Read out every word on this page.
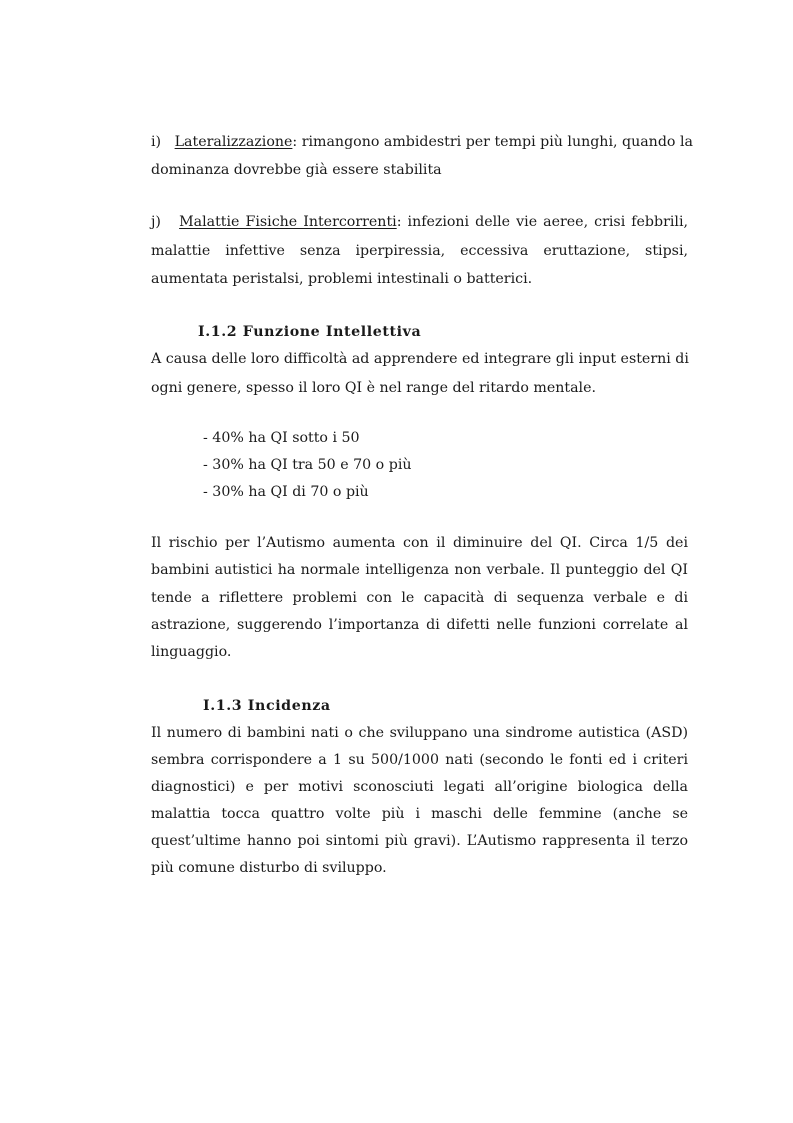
i) Lateralizzazione: rimangono ambidestri per tempi più lunghi, quando la
dominanza dovrebbe già essere stabilita
j) Malattie Fisiche Intercorrenti: infezioni delle vie aeree, crisi febbrili,
malattie infettive senza iperpiressia, eccessiva eruttazione, stipsi,
aumentata peristalsi, problemi intestinali o batterici.
I.1.2 Funzione Intellettiva
A causa delle loro difficoltà ad apprendere ed integrare gli input esterni di
ogni genere, spesso il loro QI è nel range del ritardo mentale.
- 40% ha QI sotto i 50
- 30% ha QI tra 50 e 70 o più
- 30% ha QI di 70 o più
Il rischio per l’Autismo aumenta con il diminuire del QI. Circa 1/5 dei
bambini autistici ha normale intelligenza non verbale. Il punteggio del QI
tende a riflettere problemi con le capacità di sequenza verbale e di
astrazione, suggerendo l’importanza di difetti nelle funzioni correlate al
linguaggio.
I.1.3 Incidenza
Il numero di bambini nati o che sviluppano una sindrome autistica (ASD)
sembra corrispondere a 1 su 500/1000 nati (secondo le fonti ed i criteri
diagnostici) e per motivi sconosciuti legati all’origine biologica della
malattia tocca quattro volte più i maschi delle femmine (anche se
quest’ultime hanno poi sintomi più gravi). L’Autismo rappresenta il terzo
più comune disturbo di sviluppo.
